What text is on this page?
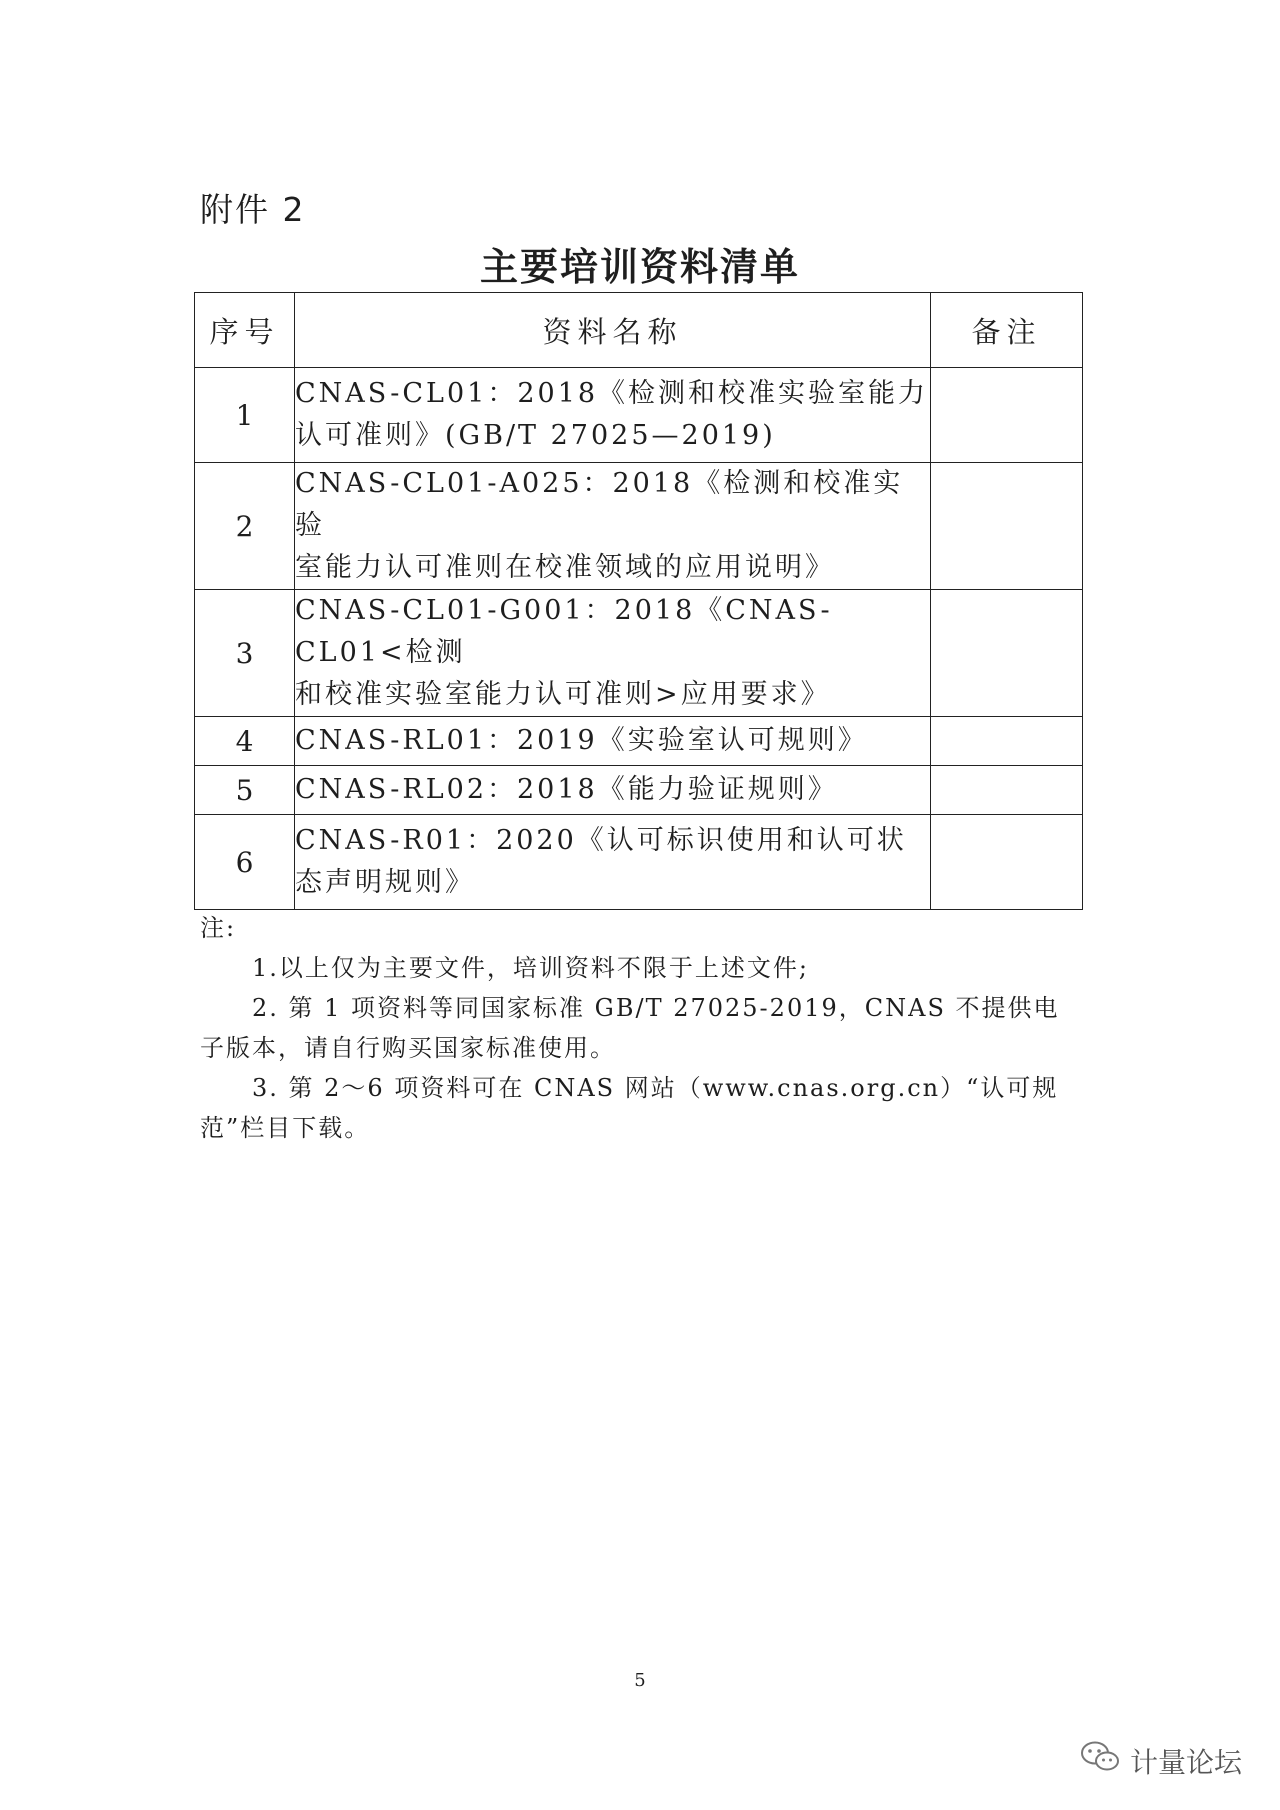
附件 2
主要培训资料清单
序号	资料名称	备注
1	CNAS-CL01：2018《检测和校准实验室能力
认可准则》(GB/T 27025—2019)	

2	CNAS-CL01-A025：2018《检测和校准实验
室能力认可准则在校准领域的应用说明》	

3	CNAS-CL01-G001：2018《CNAS-CL01<检测
和校准实验室能力认可准则>应用要求》	

4	CNAS-RL01：2019《实验室认可规则》	

5	CNAS-RL02：2018《能力验证规则》	

6	CNAS-R01：2020《认可标识使用和认可状
态声明规则》	

注:
1.以上仅为主要文件，培训资料不限于上述文件;
2. 第 1 项资料等同国家标准 GB/T 27025-2019，CNAS 不提供电子版本，请自行购买国家标准使用。
3. 第 2～6 项资料可在 CNAS 网站（www.cnas.org.cn）“认可规范”栏目下载。
5
计量论坛
